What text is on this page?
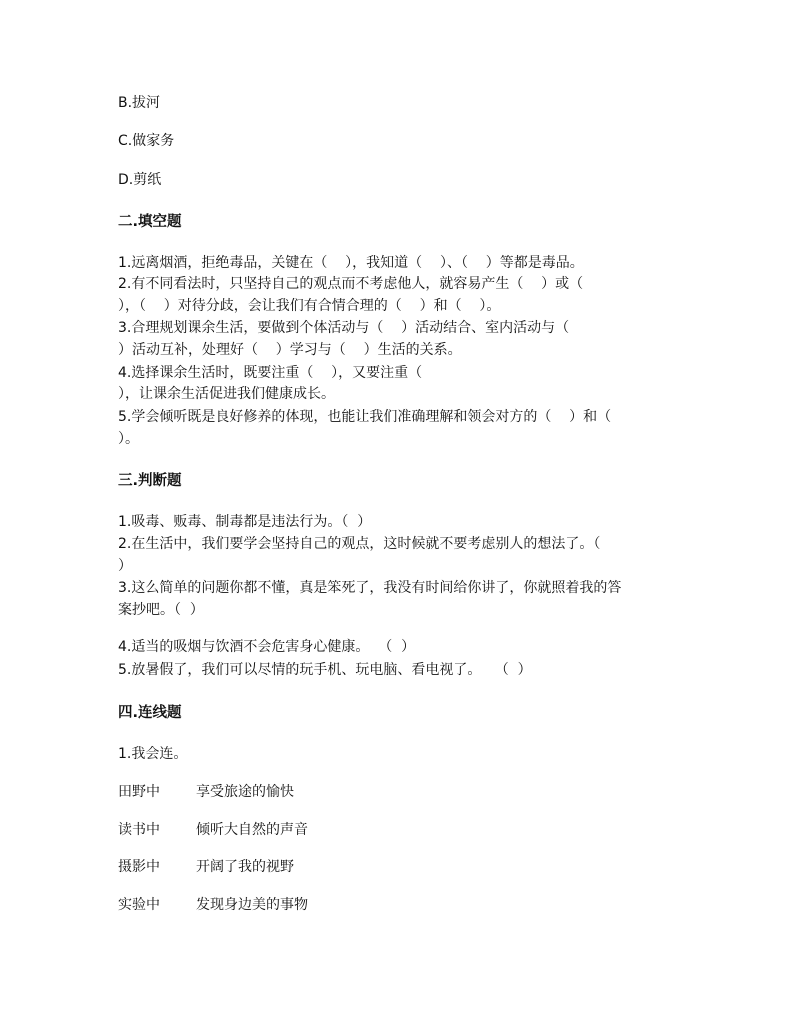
B.拔河
C.做家务
D.剪纸
二.填空题
1.远离烟酒，拒绝毒品，关键在（    ），我知道（    ）、（    ）等都是毒品。
2.有不同看法时，只坚持自己的观点而不考虑他人，就容易产生（    ）或（
），（    ）对待分歧，会让我们有合情合理的（    ）和（    ）。
3.合理规划课余生活，要做到个体活动与（    ）活动结合、室内活动与（
）活动互补，处理好（    ）学习与（    ）生活的关系。
4.选择课余生活时，既要注重（    ），又要注重（
），让课余生活促进我们健康成长。
5.学会倾听既是良好修养的体现，也能让我们准确理解和领会对方的（    ）和（
）。
三.判断题
1.吸毒、贩毒、制毒都是违法行为。（  ）
2.在生活中，我们要学会坚持自己的观点，这时候就不要考虑别人的想法了。（
）
3.这么简单的问题你都不懂，真是笨死了，我没有时间给你讲了，你就照着我的答
案抄吧。（  ）
4.适当的吸烟与饮酒不会危害身心健康。  （  ）
5.放暑假了，我们可以尽情的玩手机、玩电脑、看电视了。   （  ）
四.连线题
1.我会连。
田野中	享受旅途的愉快
读书中	倾听大自然的声音
摄影中	开阔了我的视野
实验中	发现身边美的事物
